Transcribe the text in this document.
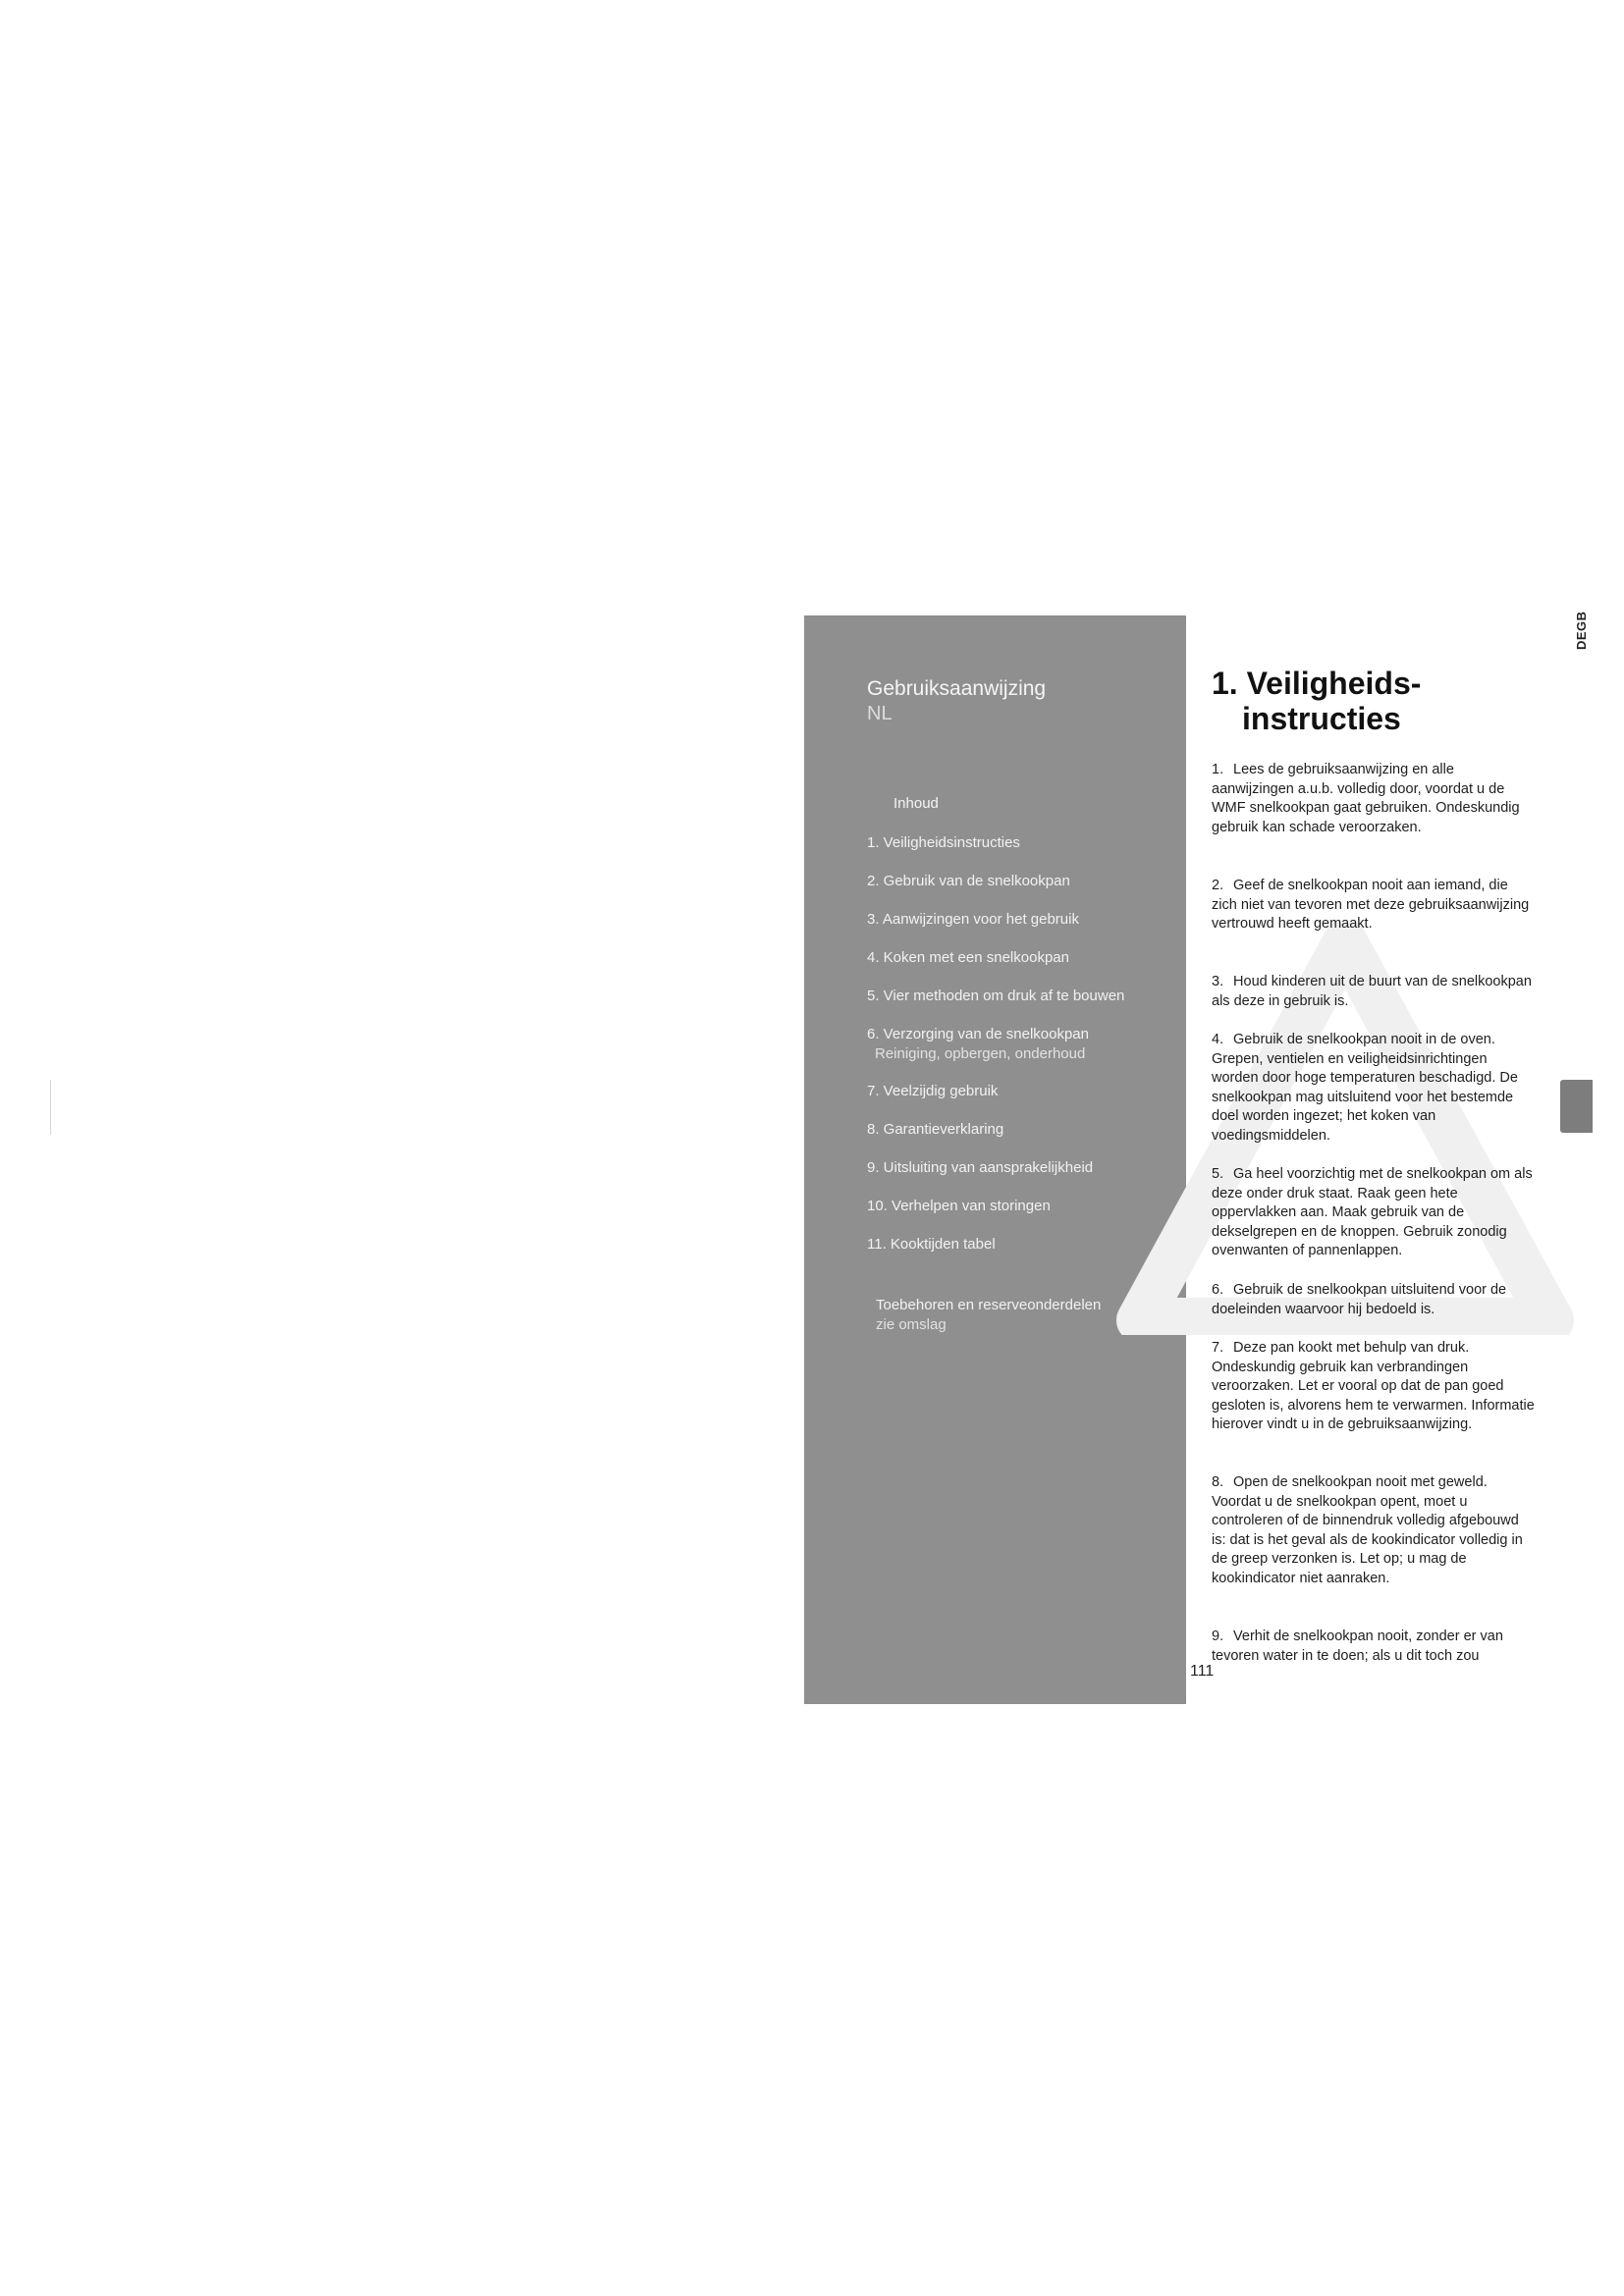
DEGB
Gebruiksaanwijzing
NL
Inhoud
1. Veiligheidsinstructies
2. Gebruik van de snelkookpan
3. Aanwijzingen voor het gebruik
4. Koken met een snelkookpan
5. Vier methoden om druk af te bouwen
6. Verzorging van de snelkookpan
Reiniging, opbergen, onderhoud
7. Veelzijdig gebruik
8. Garantieverklaring
9. Uitsluiting van aansprakelijkheid
10. Verhelpen van storingen
11. Kooktijden tabel
Toebehoren en reserveonderdelen
zie omslag
111
1. Veiligheids-
instructies
1. Lees de gebruiksaanwijzing en alle aanwijzingen a.u.b. volledig door, voordat u de WMF snelkookpan gaat gebruiken. Ondeskundig gebruik kan schade veroorzaken.
2. Geef de snelkookpan nooit aan iemand, die zich niet van tevoren met deze gebruiksaanwijzing vertrouwd heeft gemaakt.
3. Houd kinderen uit de buurt van de snelkookpan als deze in gebruik is.
4. Gebruik de snelkookpan nooit in de oven. Grepen, ventielen en veiligheidsinrichtingen worden door hoge temperaturen beschadigd. De snelkookpan mag uitsluitend voor het bestemde doel worden ingezet; het koken van voedingsmiddelen.
5. Ga heel voorzichtig met de snelkookpan om als deze onder druk staat. Raak geen hete oppervlakken aan. Maak gebruik van de dekselgrepen en de knoppen. Gebruik zonodig ovenwanten of pannenlappen.
6. Gebruik de snelkookpan uitsluitend voor de doeleinden waarvoor hij bedoeld is.
7. Deze pan kookt met behulp van druk. Ondeskundig gebruik kan verbrandingen veroorzaken. Let er vooral op dat de pan goed gesloten is, alvorens hem te verwarmen. Informatie hierover vindt u in de gebruiksaanwijzing.
8. Open de snelkookpan nooit met geweld. Voordat u de snelkookpan opent, moet u controleren of de binnendruk volledig afgebouwd is: dat is het geval als de kookindicator volledig in de greep verzonken is. Let op; u mag de kookindicator niet aanraken.
9. Verhit de snelkookpan nooit, zonder er van tevoren water in te doen; als u dit toch zou
